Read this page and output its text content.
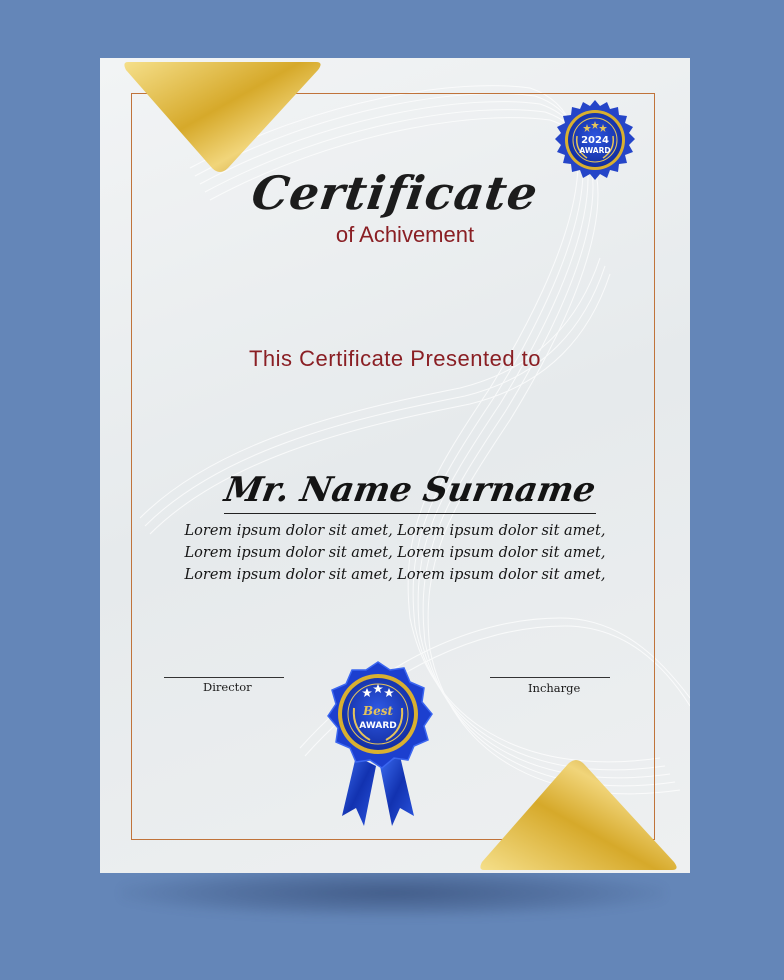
2024
AWARD
Certificate
of Achivement
This Certificate Presented to
Mr. Name Surname
Lorem ipsum dolor sit amet, Lorem ipsum dolor sit amet,
Lorem ipsum dolor sit amet, Lorem ipsum dolor sit amet,
Lorem ipsum dolor sit amet, Lorem ipsum dolor sit amet,
Director	Incharge
Best
AWARD
